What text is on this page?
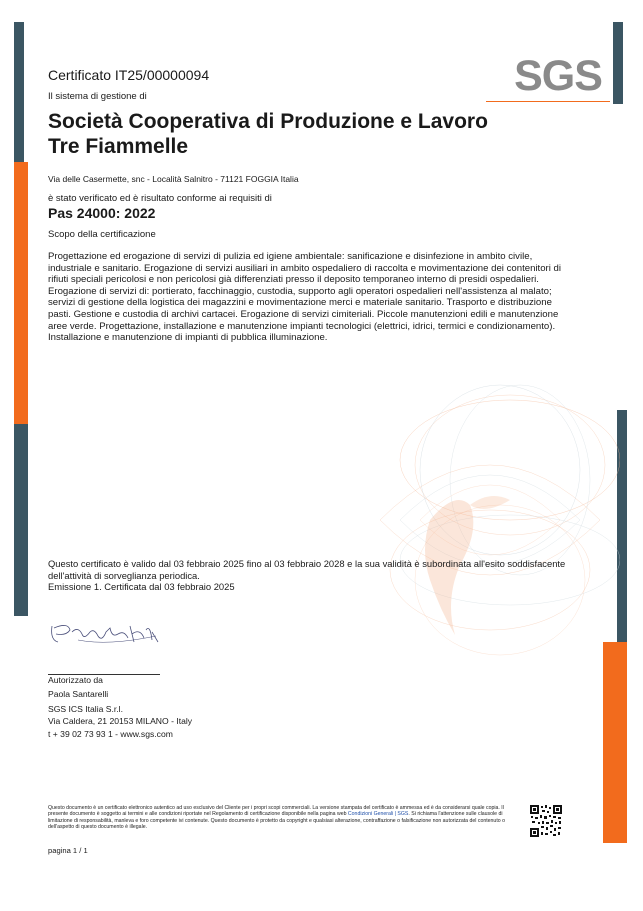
SGS
Certificato IT25/00000094
Il sistema di gestione di
Società Cooperativa di Produzione e Lavoro Tre Fiammelle
Via delle Casermette, snc - Località Salnitro - 71121 FOGGIA Italia
è stato verificato ed è risultato conforme ai requisiti di
Pas 24000: 2022
Scopo della certificazione
Progettazione ed erogazione di servizi di pulizia ed igiene ambientale: sanificazione e disinfezione in ambito civile, industriale e sanitario. Erogazione di servizi ausiliari in ambito ospedaliero di raccolta e movimentazione dei contenitori di rifiuti speciali pericolosi e non pericolosi già differenziati presso il deposito temporaneo interno di presidi ospedalieri. Erogazione di servizi di: portierato, facchinaggio, custodia, supporto agli operatori ospedalieri nell'assistenza al malato; servizi di gestione della logistica dei magazzini e movimentazione merci e materiale sanitario. Trasporto e distribuzione pasti. Gestione e custodia di archivi cartacei. Erogazione di servizi cimiteriali. Piccole manutenzioni edili e manutenzione aree verde. Progettazione, installazione e manutenzione impianti tecnologici (elettrici, idrici, termici e condizionamento). Installazione e manutenzione di impianti di pubblica illuminazione.
Questo certificato è valido dal 03 febbraio 2025 fino al 03 febbraio 2028 e la sua validità è subordinata all'esito soddisfacente dell'attività di sorveglianza periodica.
Emissione 1. Certificata dal 03 febbraio 2025
Autorizzato da
Paola Santarelli
SGS ICS Italia S.r.l.
Via Caldera, 21 20153 MILANO - Italy
t + 39 02 73 93 1 - www.sgs.com
Questo documento è un certificato elettronico autentico ad uso esclusivo del Cliente per i propri scopi commerciali. La versione stampata del certificato è ammessa ed è da considerarsi quale copia. Il presente documento è soggetto ai termini e alle condizioni riportate nel Regolamento di certificazione disponibile nella pagina web Condizioni Generali | SGS. Si richiama l'attenzione sulle clausole di limitazione di responsabilità, manleva e foro competente ivi contenute. Questo documento è protetto da copyright e qualsiasi alterazione, contraffazione o falsificazione non autorizzata del contenuto o dell'aspetto di questo documento è illegale.
pagina 1 / 1
